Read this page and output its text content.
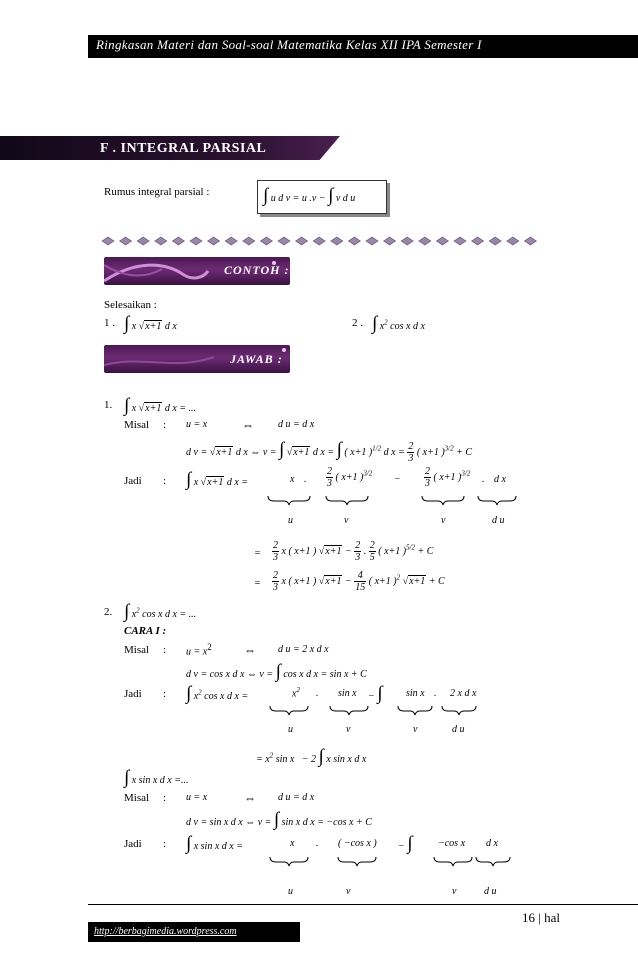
Ringkasan Materi dan Soal-soal Matematika Kelas XII IPA Semester I
F . INTEGRAL PARSIAL
Rumus integral parsial :	∫ u d v = u .v − ∫ v d u
CONTOH :
Selesaikan :
1 . ∫ x √x+1 d x	2 . ∫ $x^2$ cos x d x
JAWAB :
1. ∫ x √x+1 d x = ...
Misal : u = x	⇔ d u = d x
d v = √x+1 d x ⇔ v = ∫ √x+1 d x = ∫ ( x+1 )$^{1/2}$ d $x = \frac{2}{3}$ ( x+1 )$^{3/2}$ + C
Jadi : ∫ x √x+1 d x =	x . $\frac{2}{3}$ ( x+1 )$^{3/2}$
− $\frac{2}{3}$ ( x+1 )$^{3/2}$
. d x
u	v	v	d u
= $\frac{2}{3}$ x ( x+1 ) $√x+1 - \frac{2}{3}$ . $\frac{2}{5}$ ( x+1 )$^{5/2}$ + C
= $\frac{2}{3}$ x ( x+1 ) $√x+1 - \frac{4}{15}$ ( x+1 )$^2$ √x+1 + C
2. ∫ $x^2$ cos x d x = ...
CARA I :
Misal : u = x2	⇔ d u = 2 x d x
d v = cos x d x ⇔ v = ∫ cos x d x = sin x + C
Jadi : ∫ $x^2$ cos x d x =	$x^2$ . sin x − ∫ sin x . 2 x d x
u	v	v	d u
= $x^2$ sin x − 2 ∫ x sin x d x
∫ x sin x d x =...
Misal : u = x	⇔ d u = d x
d v = sin x d x ⇔ v = ∫ sin x d x = −cos x + C
Jadi : ∫ x sin x d x =	x . ( −cos x ) − ∫	−cos x d x
u	v	v	d u
16 | hal
http://berbagimedia.wordpress.com
